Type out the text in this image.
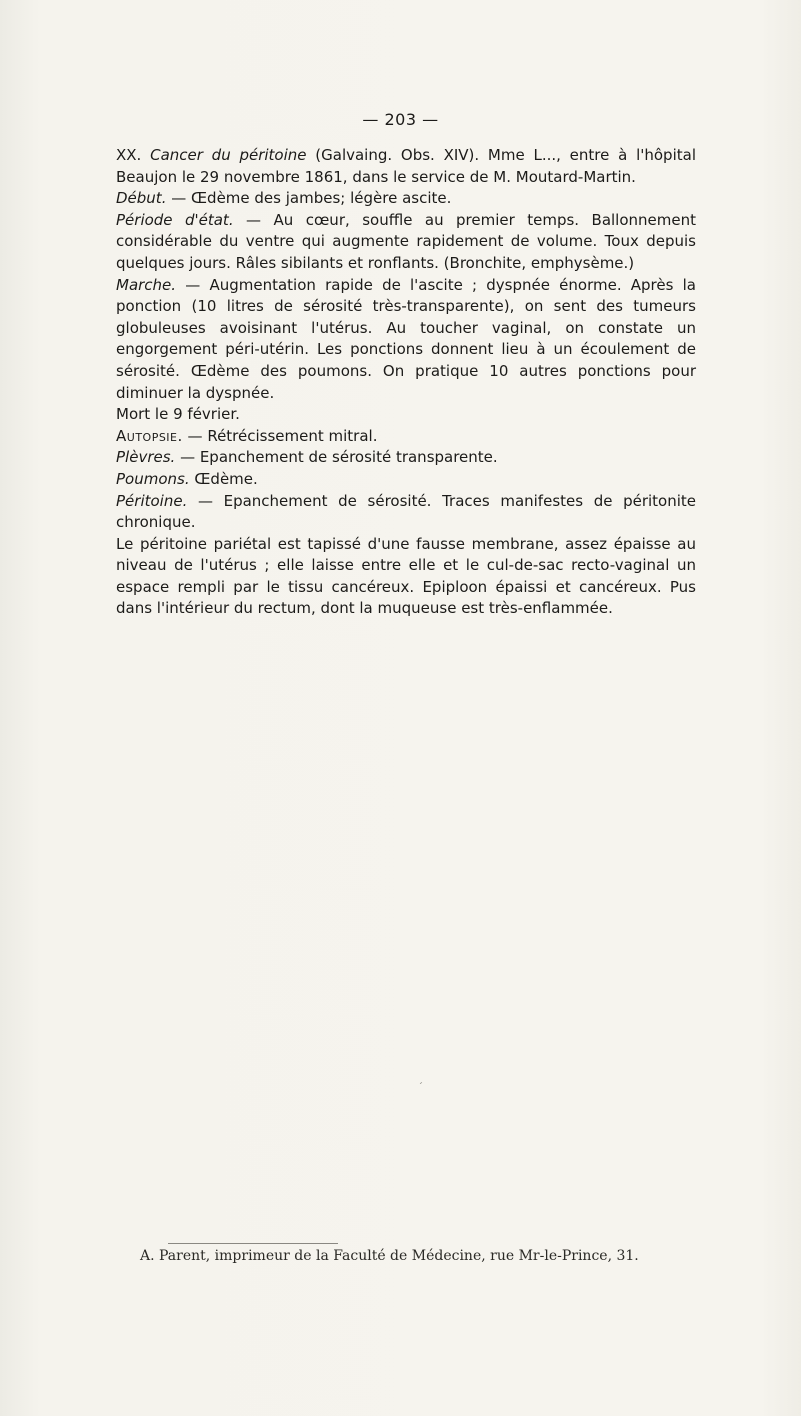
— 203 —

XX. Cancer du péritoine (Galvaing. Obs. XIV). Mme L..., entre à l'hôpital Beaujon le 29 novembre 1861, dans le service de M. Moutard-Martin.

Début. — Œdème des jambes; légère ascite.

Période d'état. — Au cœur, souffle au premier temps. Ballonnement considérable du ventre qui augmente rapidement de volume. Toux depuis quelques jours. Râles sibilants et ronflants. (Bronchite, emphysème.)

Marche. — Augmentation rapide de l'ascite ; dyspnée énorme. Après la ponction (10 litres de sérosité très-transparente), on sent des tumeurs globuleuses avoisinant l'utérus. Au toucher vaginal, on constate un engorgement péri-utérin. Les ponctions donnent lieu à un écoulement de sérosité. Œdème des poumons. On pratique 10 autres ponctions pour diminuer la dyspnée.

Mort le 9 février.

Autopsie. — Rétrécissement mitral.

Plèvres. — Epanchement de sérosité transparente.

Poumons. Œdème.

Péritoine. — Epanchement de sérosité. Traces manifestes de péritonite chronique.

Le péritoine pariétal est tapissé d'une fausse membrane, assez épaisse au niveau de l'utérus ; elle laisse entre elle et le cul-de-sac recto-vaginal un espace rempli par le tissu cancéreux. Epiploon épaissi et cancéreux. Pus dans l'intérieur du rectum, dont la muqueuse est très-enflammée.

ˊ
A. Parent, imprimeur de la Faculté de Médecine, rue Mr-le-Prince, 31.
